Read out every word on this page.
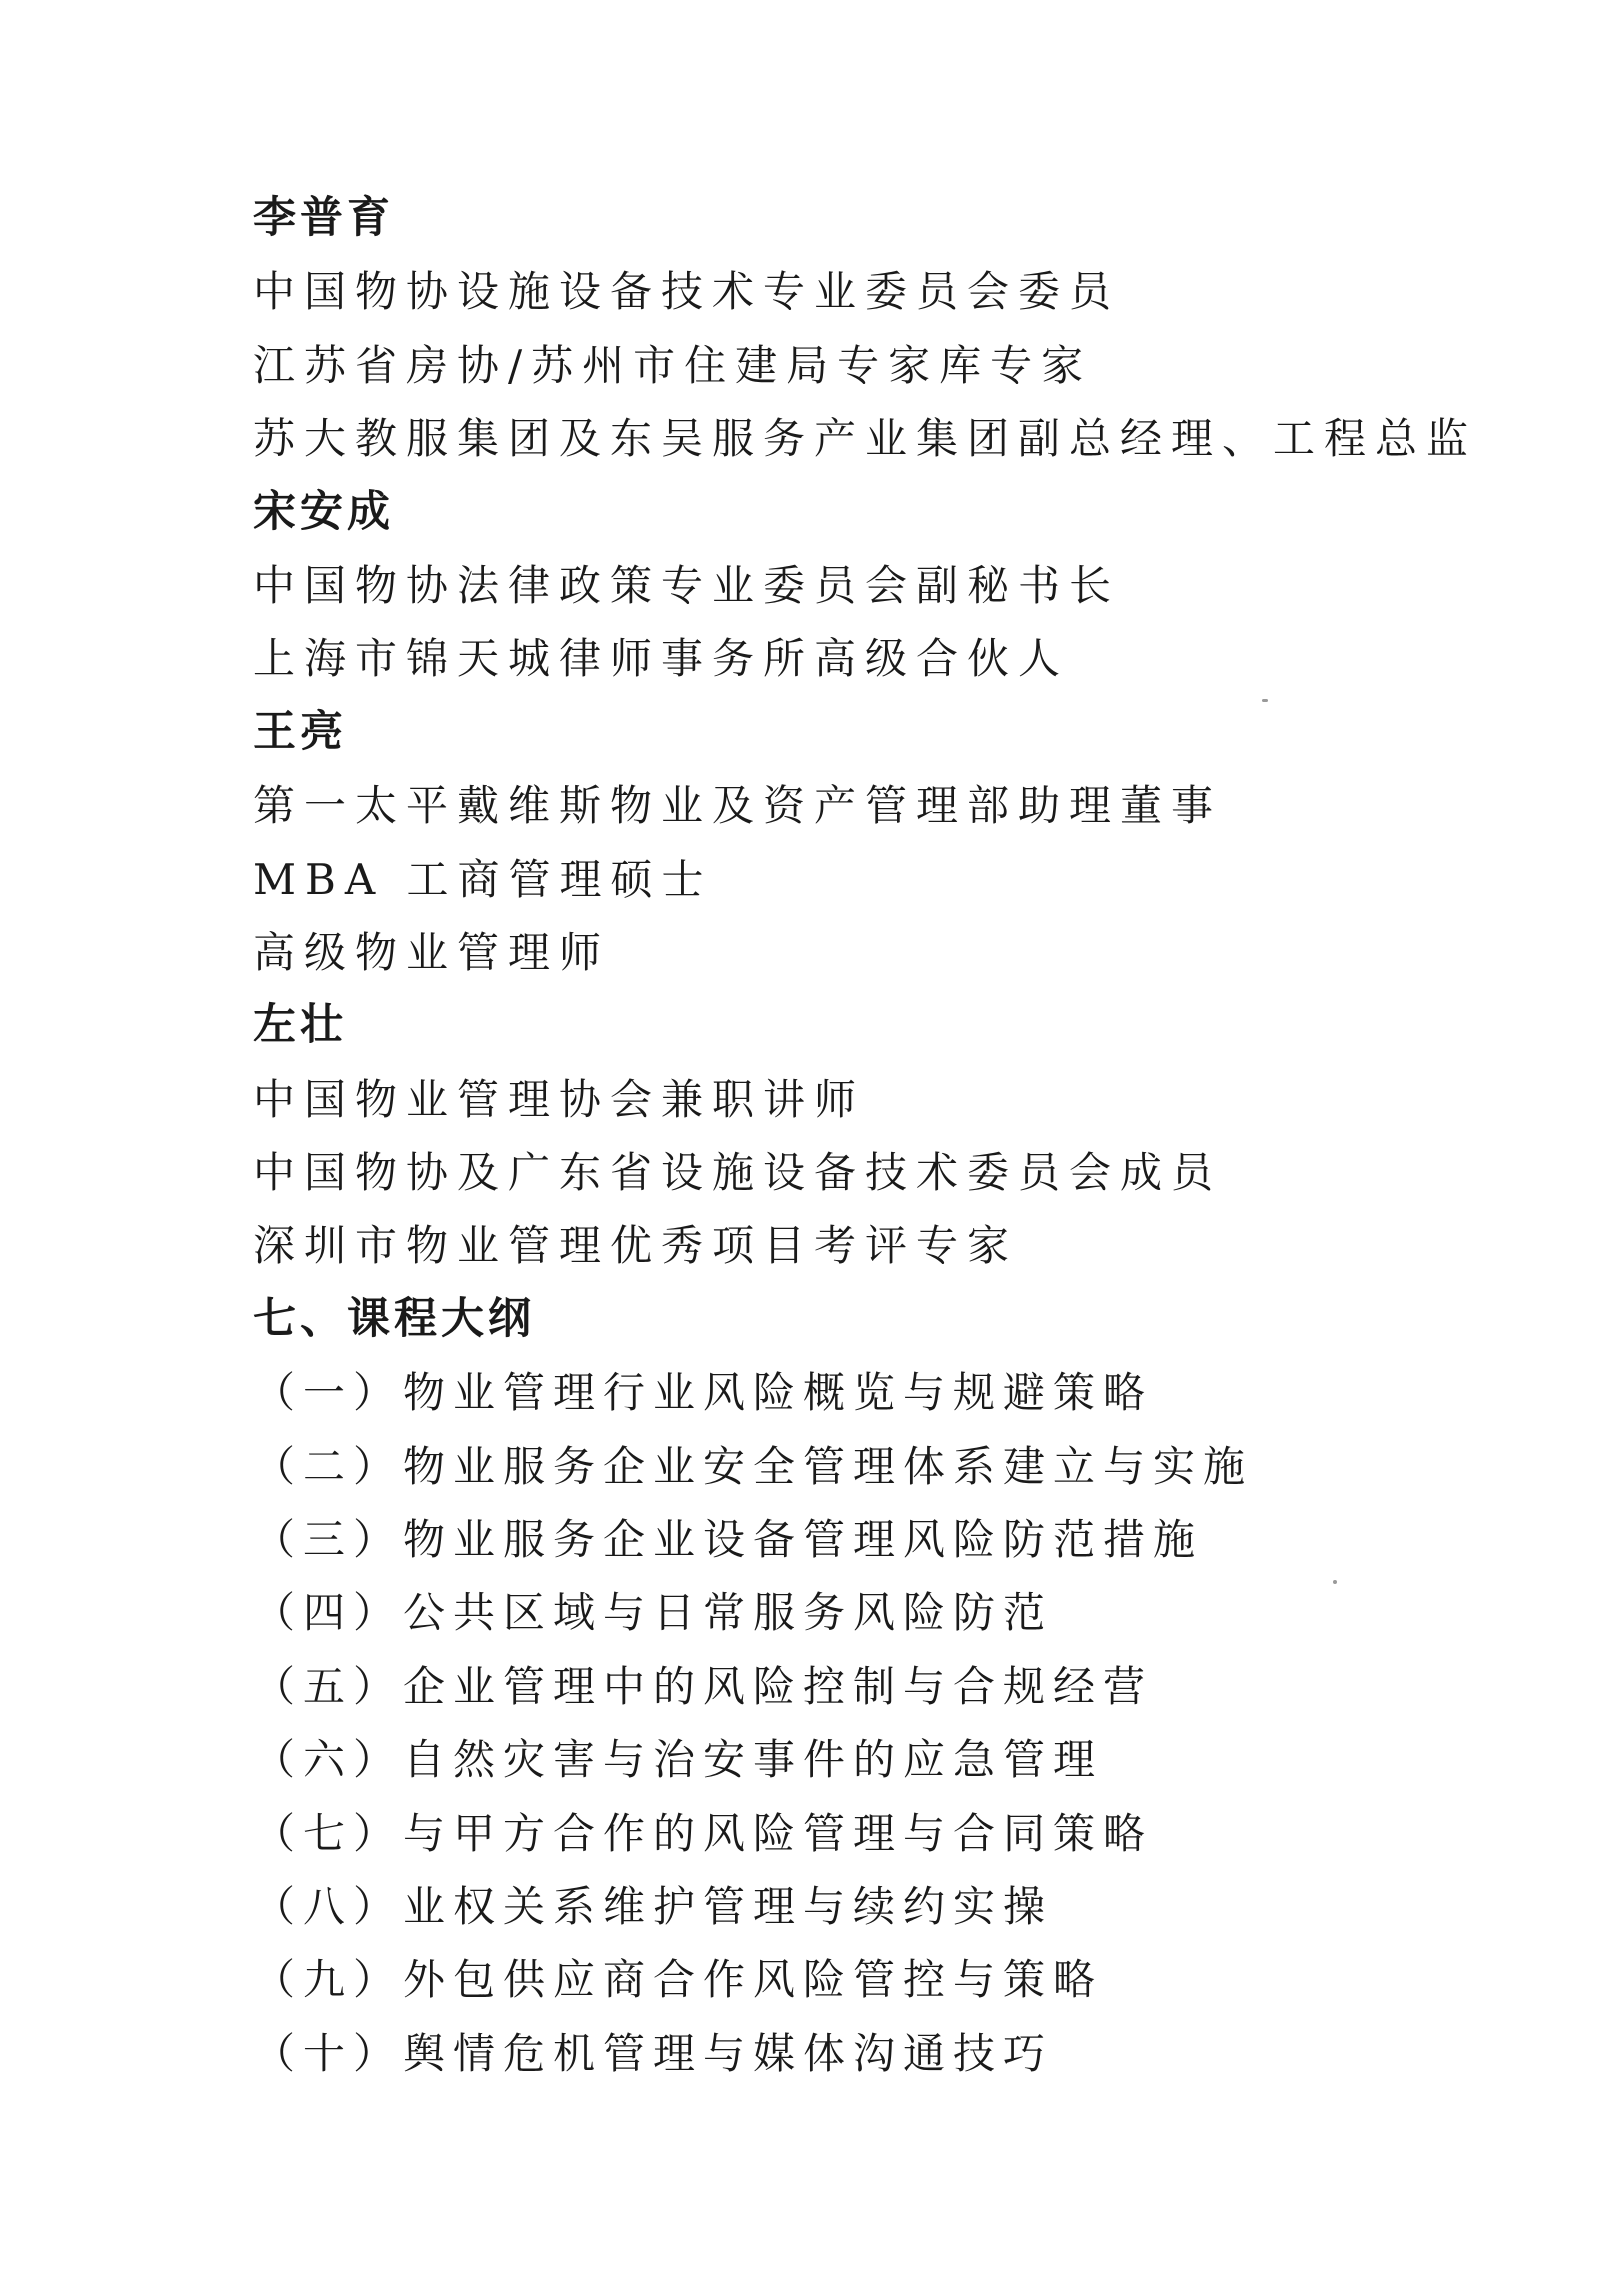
李普育
中国物协设施设备技术专业委员会委员
江苏省房协/苏州市住建局专家库专家
苏大教服集团及东吴服务产业集团副总经理、工程总监
宋安成
中国物协法律政策专业委员会副秘书长
上海市锦天城律师事务所高级合伙人
王亮
第一太平戴维斯物业及资产管理部助理董事
MBA 工商管理硕士
高级物业管理师
左壮
中国物业管理协会兼职讲师
中国物协及广东省设施设备技术委员会成员
深圳市物业管理优秀项目考评专家
七、课程大纲
（一）物业管理行业风险概览与规避策略
（二）物业服务企业安全管理体系建立与实施
（三）物业服务企业设备管理风险防范措施
（四）公共区域与日常服务风险防范
（五）企业管理中的风险控制与合规经营
（六）自然灾害与治安事件的应急管理
（七）与甲方合作的风险管理与合同策略
（八）业权关系维护管理与续约实操
（九）外包供应商合作风险管控与策略
（十）舆情危机管理与媒体沟通技巧
